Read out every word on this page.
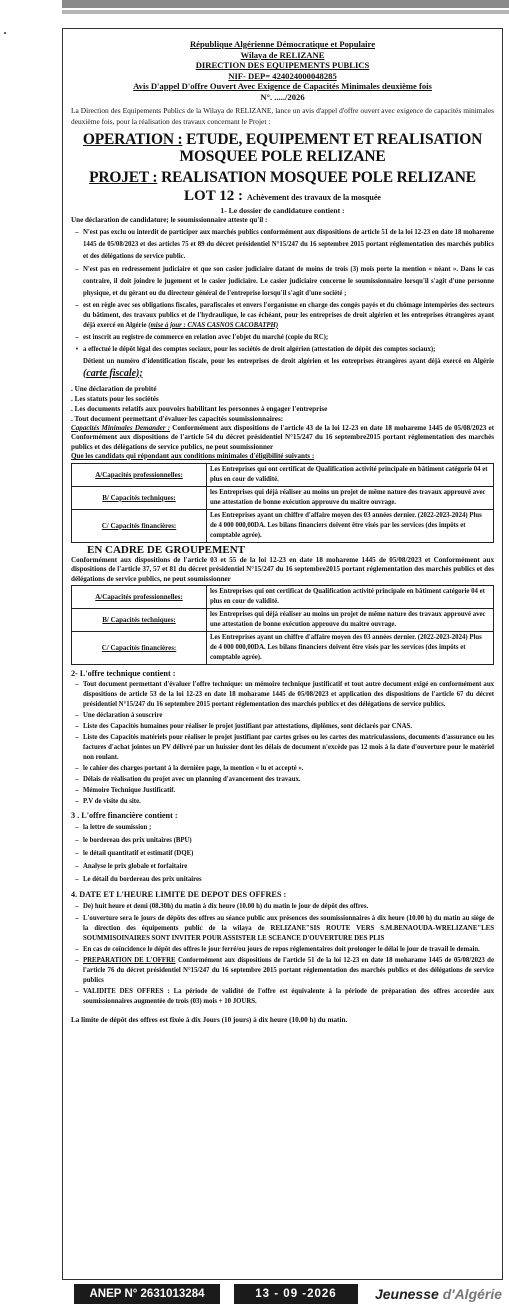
République Algérienne Démocratique et Populaire
Wilaya de RELIZANE
DIRECTION DES EQUIPEMENTS PUBLICS
NIF- DEP= 424024000048285
Avis D'appel D'offre Ouvert Avec Exigence de Capacités Minimales deuxième fois
N°. ...../2026
La Direction des Equipements Publics de la Wilaya de RELIZANE, lance un avis d'appel d'offre ouvert avec exigence de capacités minimales deuxième fois, pour la réalisation des travaux concernant le Projet :
OPERATION : ETUDE, EQUIPEMENT ET REALISATION MOSQUEE POLE RELIZANE
PROJET : REALISATION MOSQUEE POLE RELIZANE
LOT 12 : Achèvement des travaux de la mosquée
1- Le dossier de candidature contient :
Une déclaration de candidature; le soumissionnaire atteste qu'il :
– N'est pas exclu ou interdit de participer aux marchés publics conformément aux dispositions de article 51 de la loi 12-23 en date 18 mohareme 1445 de 05/08/2023 et des articles 75 et 89 du décret présidentiel N°15/247 du 16 septembre 2015 portant réglementation des marchés publics et des délégations de service public.
– N'est pas en redressement judiciaire et que son casier judiciaire datant de moins de trois (3) mois porte la mention « néant ». Dans le cas contraire, il doit joindre le jugement et le casier judiciaire. Le casier judiciaire concerne le soumissionnaire lorsqu'il s'agit d'une personne physique, et du gérant ou du directeur général de l'entreprise lorsqu'il s'agit d'une société ;
– est en règle avec ses obligations fiscales, parafiscales et envers l'organisme en charge des congés payés et du chômage intempéries des secteurs du bâtiment, des travaux publics et de l'hydraulique, le cas échéant, pour les entreprises de droit algérien et les entreprises étrangères ayant déjà exercé en Algérie (mise à jour : CNAS CASNOS CACOBATPH)
– est inscrit au registre de commerce en relation avec l'objet du marché (copie du RC);
• a effectué le dépôt légal des comptes sociaux, pour les sociétés de droit algérien (attestation de dépôt des comptes sociaux);
Détient un numéro d'identification fiscale, pour les entreprises de droit algérien et les entreprises étrangères ayant déjà exercé en Algérie (carte fiscale);
. Une déclaration de probité
. Les statuts pour les sociétés
. Les documents relatifs aux pouvoirs habilitant les personnes à engager l'entreprise
. Tout document permettant d'évaluer les capacités soumissionnaires:
Capacités Minimales Demander : Conformément aux dispositions de l'article 43 de la loi 12-23 en date 18 mohareme 1445 de 05/08/2023 et Conformément aux dispositions de l'article 54 du décret présidentiel N°15/247 du 16 septembre2015 portant réglementation des marchés publics et des délégations de service publics, ne peut soumissionner
Que les candidats qui répondant aux conditions minimales d'éligibilité suivants :
A/Capacités professionnelles:	Les Entreprises qui ont certificat de Qualification activité principale en bâtiment catégorie 04 et plus en cour de validité.
B/ Capacités techniques:	les Entreprises qui déjà réaliser au moins un projet de même nature des travaux approuvé avec une attestation de bonne exécution approuve du maitre ouvrage.
C/ Capacités financières:	Les Entreprises ayant un chiffre d'affaire moyen des 03 années dernier. (2022-2023-2024) Plus de 4 000 000,00DA. Les bilans financiers doivent être visés par les services (des impôts et comptable agrée).
EN CADRE DE GROUPEMENT
Conformément aux dispositions de l'article 03 et 55 de la loi 12-23 en date 18 mohareme 1445 de 05/08/2023 et Conformément aux dispositions de l'article 37, 57 et 81 du décret présidentiel N°15/247 du 16 septembre2015 portant réglementation des marchés publics et des délégations de service publics, ne peut soumissionner
A/Capacités professionnelles:	les Entreprises qui ont certificat de Qualification activité principale en bâtiment catégorie 04 et plus en cour de validité.
B/ Capacités techniques:	les Entreprises qui déjà réaliser au moins un projet de même nature des travaux approuvé avec une attestation de bonne exécution approuve du maitre ouvrage.
C/ Capacités financières:	Les Entreprises ayant un chiffre d'affaire moyen des 03 années dernier. (2022-2023-2024) Plus de 4 000 000,00DA. Les bilans financiers doivent être visés par les services (des impôts et comptable agrée).
2- L'offre technique contient :
– Tout document permettant d'évaluer l'offre technique: un mémoire technique justificatif et tout autre document exigé en conformément aux dispositions de article 53 de la loi 12-23 en date 18 moharame 1445 de 05/08/2023 et application des dispositions de l'article 67 du décret présidentiel N°15/247 du 16 septembre 2015 portant réglementation des marchés publics et des délégations de service publics.
– Une déclaration à souscrire
– Liste des Capacités humaines pour réaliser le projet justifiant par attestations, diplômes, sont déclarés par CNAS.
– Liste des Capacités matériels pour réaliser le projet justifiant par cartes grises ou les cartes des matriculassions, documents d'assurance ou les factures d'achat jointes un PV délivré par un huissier dont les délais de document n'excède pas 12 mois à la date d'ouverture pour le matériel non roulant.
– le cahier des charges portant à la dernière page, la mention « lu et accepté ».
– Délais de réalisation du projet avec un planning d'avancement des travaux.
– Mémoire Technique Justificatif.
– P.V de visite du site.
3 . L'offre financière contient :
– la lettre de soumission ;
– le bordereau des prix unitaires (BPU)
– le détail quantitatif et estimatif (DQE)
– Analyse le prix globale et forfaitaire
– Le détail du bordereau des prix unitaires
4. DATE ET L'HEURE LIMITE DE DEPOT DES OFFRES :
– De) huit heure et demi (08.30h) du matin à dix heure (10.00 h) du matin le jour de dépôt des offres.
– L'ouverture sera le jours de dépôts des offres au séance public aux présences des soumissionnaires à dix heure (10.00 h) du matin au siège de la direction des équipements public de la wilaya de RELIZANE"SIS ROUTE VERS S.M.BENAOUDA-WRELIZANE"LES SOUMMISOINAIRES SONT INVITER POUR ASSISTER LE SCEANCE D'OUVERTURE DES PLIS
– En cas de coïncidence le dépôt des offres le jour ferré/ou jours de repos réglementaires doit prolonger le délai le jour de travail le demain.
– PREPARATION DE L'OFFRE Conformément aux dispositions de l'article 51 de la loi 12-23 en date 18 moharame 1445 de 05/08/2023 de l'article 76 du décret présidentiel N°15/247 du 16 septembre 2015 portant réglementation des marchés publics et des délégations de service publics
– VALIDITE DES OFFRES : La période de validité de l'offre est équivalente à la période de préparation des offres accordée aux soumissionnaires augmentée de trois (03) mois + 10 JOURS.
La limite de dépôt des offres est fixée à dix Jours (10 jours) à dix heure (10.00 h) du matin.
ANEP N° 2631013284	13 - 09 -2026	Jeunesse d'Algérie
